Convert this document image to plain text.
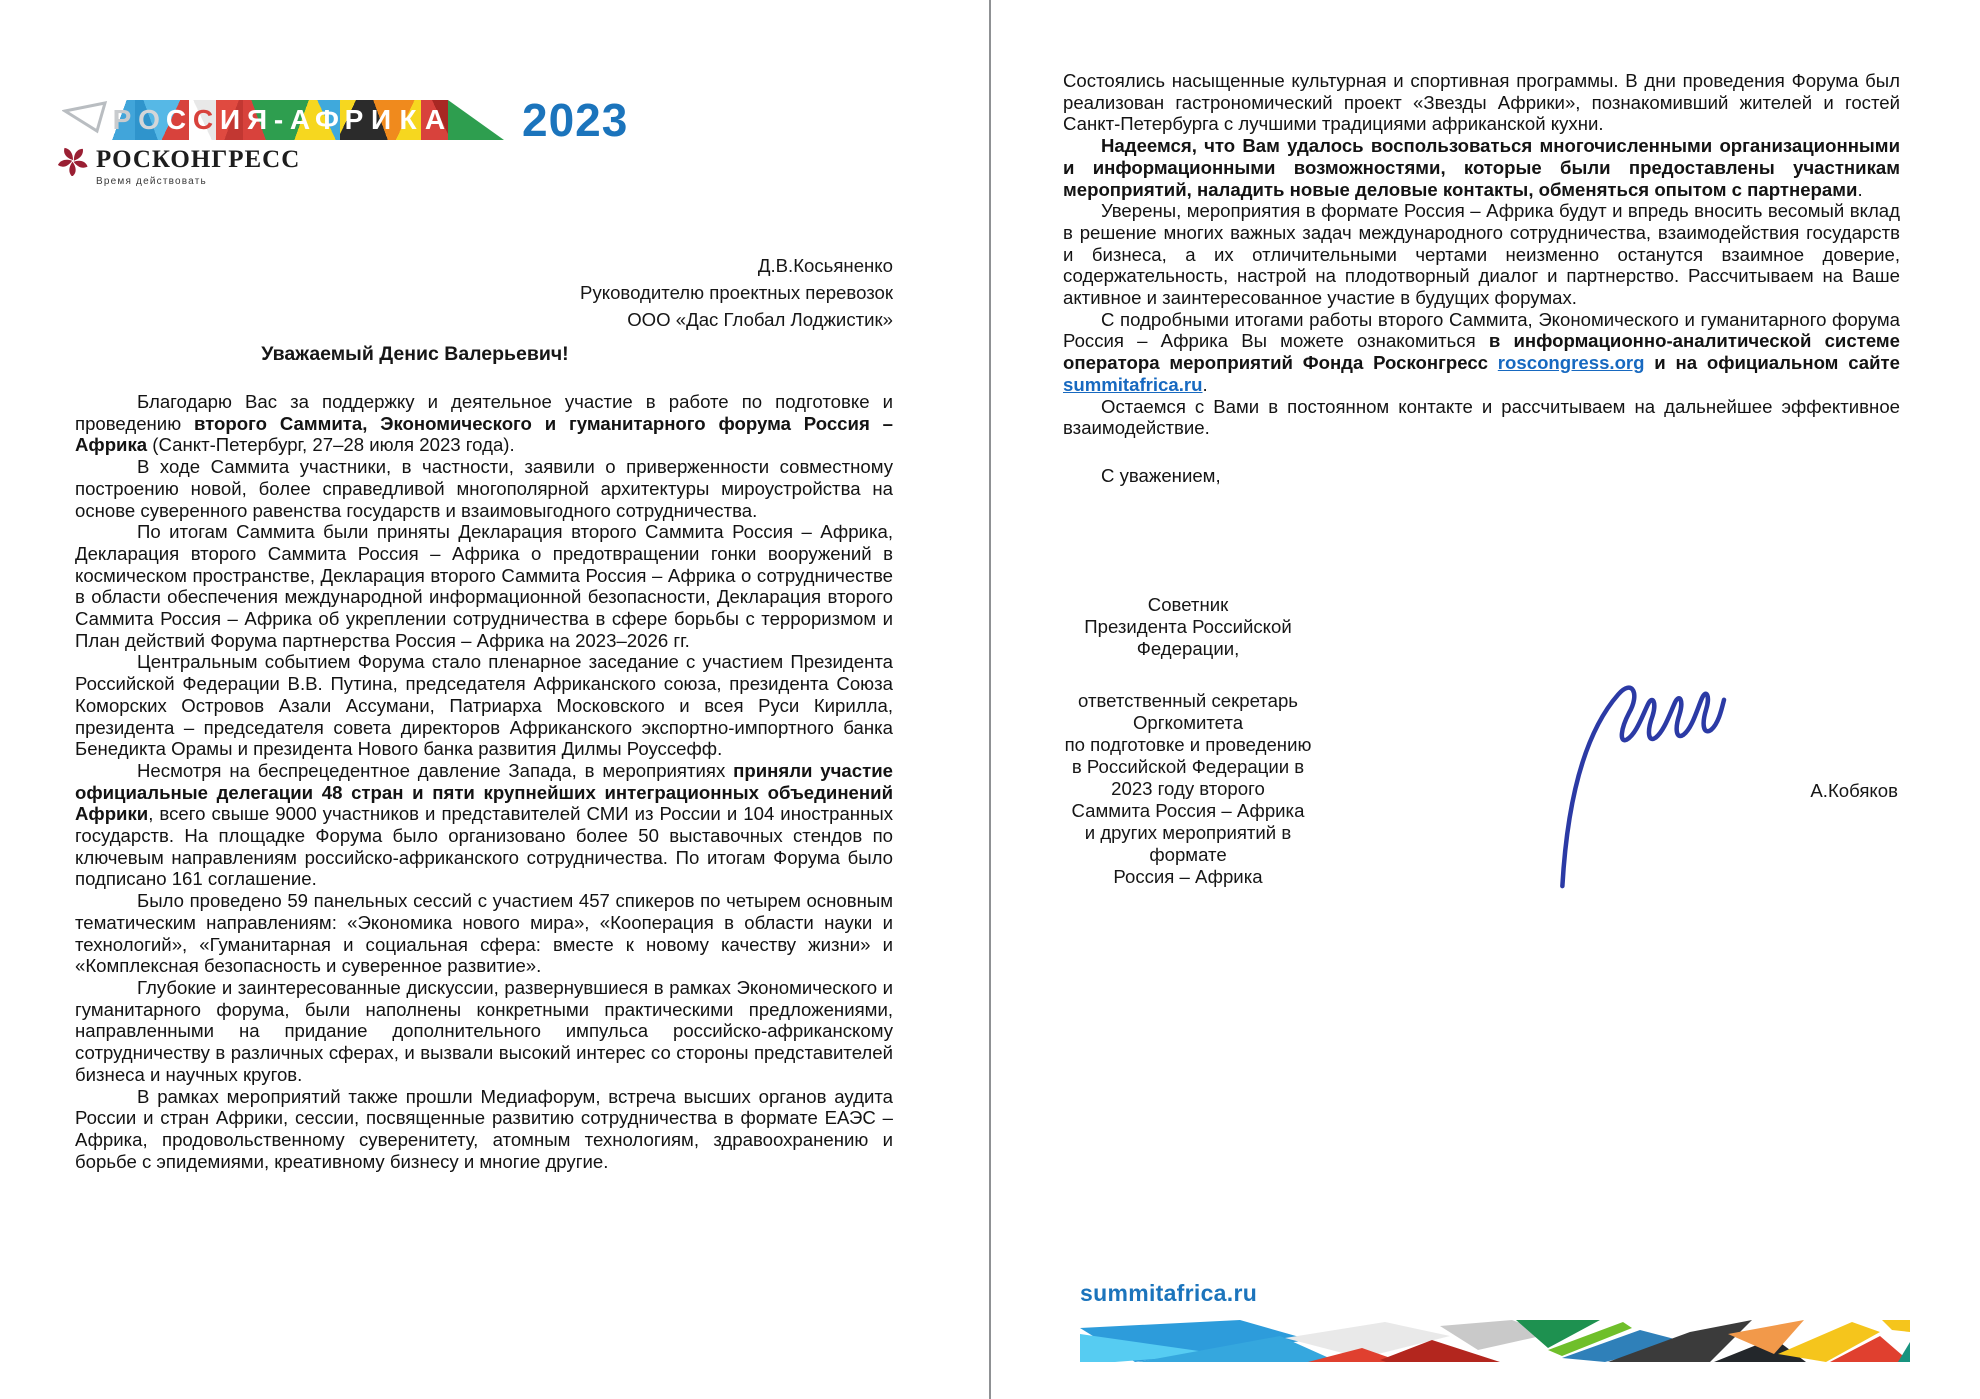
Р О С С И Я - А Ф Р И К А 2023
РОСКОНГРЕСС
Время действовать
Д.В.Косьяненко
Руководителю проектных перевозок
ООО «Дас Глобал Лоджистик»
Уважаемый Денис Валерьевич!

Благодарю Вас за поддержку и деятельное участие в работе по подготовке и проведению второго Саммита, Экономического и гуманитарного форума Россия – Африка (Санкт-Петербург, 27–28 июля 2023 года).

В ходе Саммита участники, в частности, заявили о приверженности совместному построению новой, более справедливой многополярной архитектуры мироустройства на основе суверенного равенства государств и взаимовыгодного сотрудничества.

По итогам Саммита были приняты Декларация второго Саммита Россия – Африка, Декларация второго Саммита Россия – Африка о предотвращении гонки вооружений в космическом пространстве, Декларация второго Саммита Россия – Африка о сотрудничестве в области обеспечения международной информационной безопасности, Декларация второго Саммита Россия – Африка об укреплении сотрудничества в сфере борьбы с терроризмом и План действий Форума партнерства Россия – Африка на 2023–2026 гг.

Центральным событием Форума стало пленарное заседание с участием Президента Российской Федерации В.В. Путина, председателя Африканского союза, президента Союза Коморских Островов Азали Ассумани, Патриарха Московского и всея Руси Кирилла, президента – председателя совета директоров Африканского экспортно-импортного банка Бенедикта Орамы и президента Нового банка развития Дилмы Роуссефф.

Несмотря на беспрецедентное давление Запада, в мероприятиях приняли участие официальные делегации 48 стран и пяти крупнейших интеграционных объединений Африки, всего свыше 9000 участников и представителей СМИ из России и 104 иностранных государств. На площадке Форума было организовано более 50 выставочных стендов по ключевым направлениям российско-африканского сотрудничества. По итогам Форума было подписано 161 соглашение.

Было проведено 59 панельных сессий с участием 457 спикеров по четырем основным тематическим направлениям: «Экономика нового мира», «Кооперация в области науки и технологий», «Гуманитарная и социальная сфера: вместе к новому качеству жизни» и «Комплексная безопасность и суверенное развитие».

Глубокие и заинтересованные дискуссии, развернувшиеся в рамках Экономического и гуманитарного форума, были наполнены конкретными практическими предложениями, направленными на придание дополнительного импульса российско-африканскому сотрудничеству в различных сферах, и вызвали высокий интерес со стороны представителей бизнеса и научных кругов.

В рамках мероприятий также прошли Медиафорум, встреча высших органов аудита России и стран Африки, сессии, посвященные развитию сотрудничества в формате ЕАЭС – Африка, продовольственному суверенитету, атомным технологиям, здравоохранению и борьбе с эпидемиями, креативному бизнесу и многие другие.

Состоялись насыщенные культурная и спортивная программы. В дни проведения Форума был реализован гастрономический проект «Звезды Африки», познакомивший жителей и гостей Санкт-Петербурга с лучшими традициями африканской кухни.

Надеемся, что Вам удалось воспользоваться многочисленными организационными и информационными возможностями, которые были предоставлены участникам мероприятий, наладить новые деловые контакты, обменяться опытом с партнерами.

Уверены, мероприятия в формате Россия – Африка будут и впредь вносить весомый вклад в решение многих важных задач международного сотрудничества, взаимодействия государств и бизнеса, а их отличительными чертами неизменно останутся взаимное доверие, содержательность, настрой на плодотворный диалог и партнерство. Рассчитываем на Ваше активное и заинтересованное участие в будущих форумах.

С подробными итогами работы второго Саммита, Экономического и гуманитарного форума Россия – Африка Вы можете ознакомиться в информационно-аналитической системе оператора мероприятий Фонда Росконгресс roscongress.org и на официальном сайте summitafrica.ru.

Остаемся с Вами в постоянном контакте и рассчитываем на дальнейшее эффективное взаимодействие.

С уважением,

Советник
Президента Российской Федерации,
ответственный секретарь Оргкомитета
по подготовке и проведению
в Российской Федерации в 2023 году второго
Саммита Россия – Африка
и других мероприятий в формате
Россия – Африка
А.Кобяков
summitafrica.ru
